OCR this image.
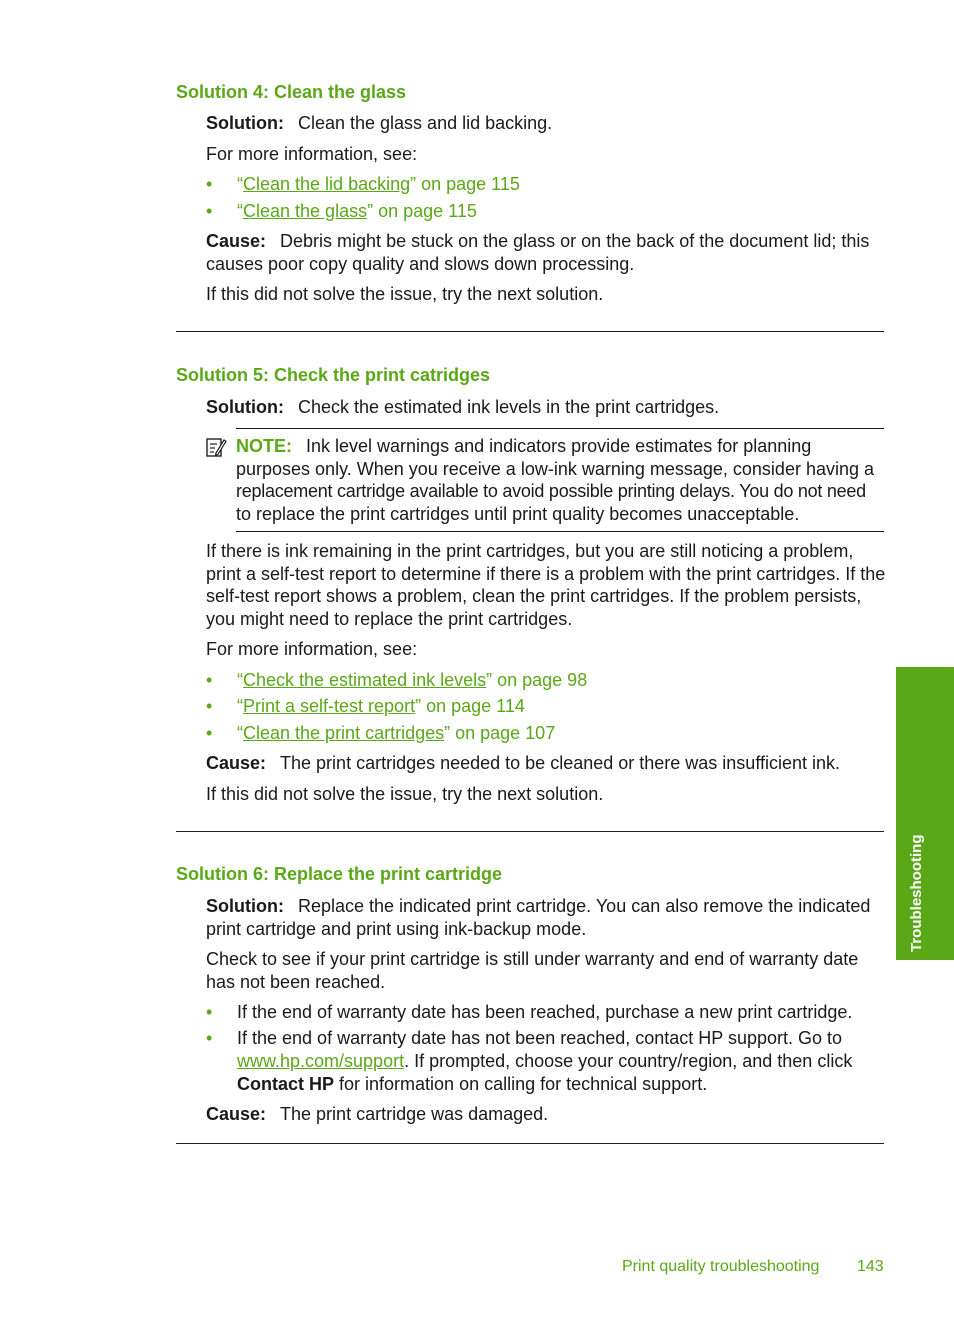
Solution 4: Clean the glass
Solution: Clean the glass and lid backing.
For more information, see:
• “Clean the lid backing” on page 115
• “Clean the glass” on page 115
Cause: Debris might be stuck on the glass or on the back of the document lid; this
causes poor copy quality and slows down processing.
If this did not solve the issue, try the next solution.
Solution 5: Check the print catridges
Solution: Check the estimated ink levels in the print cartridges.
NOTE: Ink level warnings and indicators provide estimates for planning
purposes only. When you receive a low-ink warning message, consider having a
replacement cartridge available to avoid possible printing delays. You do not need
to replace the print cartridges until print quality becomes unacceptable.
If there is ink remaining in the print cartridges, but you are still noticing a problem,
print a self-test report to determine if there is a problem with the print cartridges. If the
self-test report shows a problem, clean the print cartridges. If the problem persists,
you might need to replace the print cartridges.
For more information, see:
• “Check the estimated ink levels” on page 98
• “Print a self-test report” on page 114
• “Clean the print cartridges” on page 107
Cause: The print cartridges needed to be cleaned or there was insufficient ink.
If this did not solve the issue, try the next solution.
Solution 6: Replace the print cartridge
Solution: Replace the indicated print cartridge. You can also remove the indicated
print cartridge and print using ink-backup mode.
Check to see if your print cartridge is still under warranty and end of warranty date
has not been reached.
• If the end of warranty date has been reached, purchase a new print cartridge.
• If the end of warranty date has not been reached, contact HP support. Go to
www.hp.com/support. If prompted, choose your country/region, and then click
Contact HP for information on calling for technical support.
Cause: The print cartridge was damaged.
Troubleshooting
Print quality troubleshooting 143
